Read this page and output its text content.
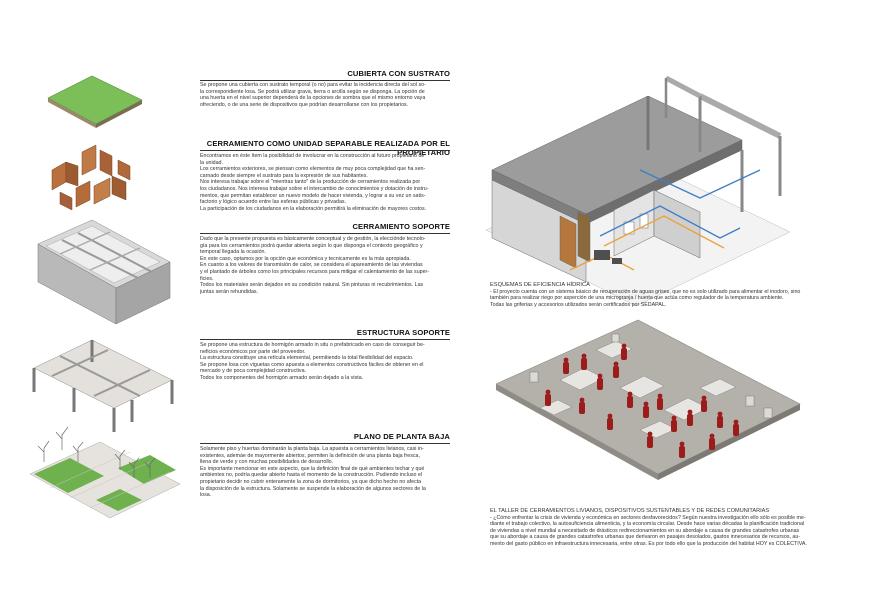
CUBIERTA CON SUSTRATO

Se propone una cubierta con sustrato temporal (o no) para evitar la incidencia directa del sol so-

la correspondiente losa. Se podrá utilizar grava, tierra o arcilla según se disponga. La opción de

una huerta en el nivel superior dependerá de la opciones de sombra que el mismo entorno vaya

ofreciendo, o de una serie de dispositivos que podrían desarrollarse con los propietarios.

CERRAMIENTO COMO UNIDAD SEPARABLE REALIZADA POR EL PROPIETARIO

Encontramos en éste ítem la posibilidad de involucrar en la construcción al futuro propietario de

la unidad.

Los cerramientos exteriores, se piensan como elementos de muy poca complejidad que ha sen-

carnado desde siempre el sustrato para la expresión de sus habitantes.

Nos interesa trabajar sobre el "mientras tanto" de la producción de cerramientos realizada por

los ciudadanos. Nos interesa trabajar sobre el intercambio de conocimientos y dotación de instru-

mentos, que permitan establecer un nuevo modelo de hacer vivienda, y lograr a su vez un satis-

factorio y lógico acuerdo entre las esferas públicas y privadas.

La participación de los ciudadanos en la elaboración permitirá la eliminación de mayores costos.

CERRAMIENTO SOPORTE

Dado que la presente propuesta es básicamente conceptual y de gestión, la elecciónde tecnolo-

gía para los cerramientos podrá quedar abierta según lo que disponga el contexto geográfico y

temporal llegada la ocasión.

En este caso, optamos por la opción que económica y tecnicamente es la más apropiada.

En cuanto a los valores de transmisión de calor, se considera el apareamiento de las viviendas

y el plantado de árboles como los principales recursos para mitigar el calentamiento de las super-

ficies.

Todos los materiales serán dejados en su condición natural. Sin pinturas ni recubrimientos. Las

juntas serán rehundidas.

ESTRUCTURA SOPORTE

Se propone una estructura de hormigón armado in situ o prefabricado en caso de conseguir be-

neficios económicos por parte del proveedor.

La estructura constituye una retícula elemental, permitiendo la total flexibilidad del espacio.

Se propone losa con viguetas como apuesta a elementos constructivos fáciles de obtener en el

mercado y de poca complejidad constructiva.

Todos los componentes del hormigón armado serán dejado a la vista.

PLANO DE PLANTA BAJA

Solamente piso y huertas dominarán la planta baja. La apuesta a cerramientos livianos, casi in-

existentes, ademáe de mayormente abiertos, permiten la definición de una planta baja fresca,

llena de verde y con muchas posibilidades de desarrollo.

Es importante mencionar en este aspecto, que la definición final de qué ambientes techar y qué

ambientes no, podría quedar abierto hasta el momento de la construcción. Pudiendo incluso el

propietario decidir no cubrir enteramente la zona de dormitorios, ya que dicho hecho no afecta

la disposición de la estructura. Solamente se suspende la elaboración de algunos sectores de la

losa.

ESQUEMAS DE EFICIENCIA HÍDRICA

- El proyecto cuenta con un sistema básico de recuperación de aguas grises, que no es solo utilizado para alimentar el inodoro, sino

también para realizar riego por asperción de una microgranja / huerta que actúa como regulador de la temperatura ambiente.

Todas las griferias y accesorios utilizados serán certificados por SEDAPAL.

EL TALLER DE CERRAMIENTOS LIVIANOS, DISPOSITIVOS SUSTENTABLES Y DE REDES COMUNITARIAS

- ¿Cómo enfrentar la crisis de vivienda y económica en sectores desfavorecidos? Según nuestra investigación ello sólo es posible me-

diante el trabajo colectivo, la autosuficiencia alimenticia, y la economía circular. Desde hace varias décadas la planificación tradicional

de viviendas a nivel mundial a necesitado de drásticos redireccionamientos en su abordaje a causa de grandes catastrofes urbanas

que su abordaje a causa de grandes catastrofes urbanas que derivaron en pasajes desolados, gastos innecesarios de recursos, au-

mento del gasto público en infraestructura innecesaria, entre otras. Es por todo ello que la producción del habitat HOY es COLECTIVA.
